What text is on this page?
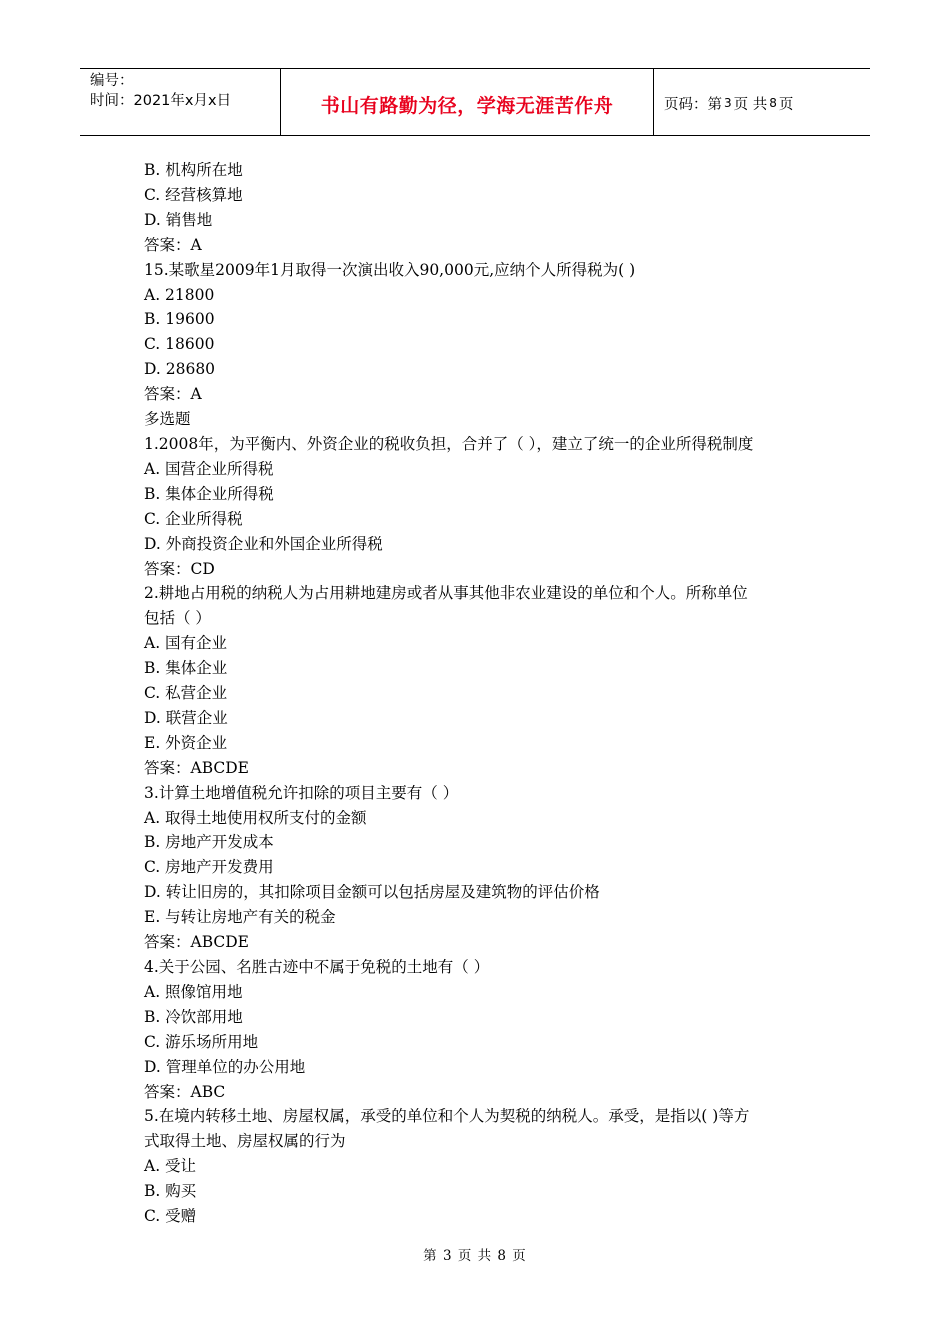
编号：
时间：2021年x月x日	书山有路勤为径，学海无涯苦作舟	页码：第 3 页 共 8 页
B. 机构所在地
C. 经营核算地
D. 销售地
答案：A
15.某歌星2009年1月取得一次演出收入90,000元,应纳个人所得税为( )
A. 21800
B. 19600
C. 18600
D. 28680
答案：A
多选题
1.2008年，为平衡内、外资企业的税收负担，合并了（ ），建立了统一的企业所得税制度
A. 国营企业所得税
B. 集体企业所得税
C. 企业所得税
D. 外商投资企业和外国企业所得税
答案：CD
2.耕地占用税的纳税人为占用耕地建房或者从事其他非农业建设的单位和个人。所称单位
包括（ ）
A. 国有企业
B. 集体企业
C. 私营企业
D. 联营企业
E. 外资企业
答案：ABCDE
3.计算土地增值税允许扣除的项目主要有（ ）
A. 取得土地使用权所支付的金额
B. 房地产开发成本
C. 房地产开发费用
D. 转让旧房的，其扣除项目金额可以包括房屋及建筑物的评估价格
E. 与转让房地产有关的税金
答案：ABCDE
4.关于公园、名胜古迹中不属于免税的土地有（ ）
A. 照像馆用地
B. 冷饮部用地
C. 游乐场所用地
D. 管理单位的办公用地
答案：ABC
5.在境内转移土地、房屋权属，承受的单位和个人为契税的纳税人。承受，是指以( )等方
式取得土地、房屋权属的行为
A. 受让
B. 购买
C. 受赠
第 3 页 共 8 页
